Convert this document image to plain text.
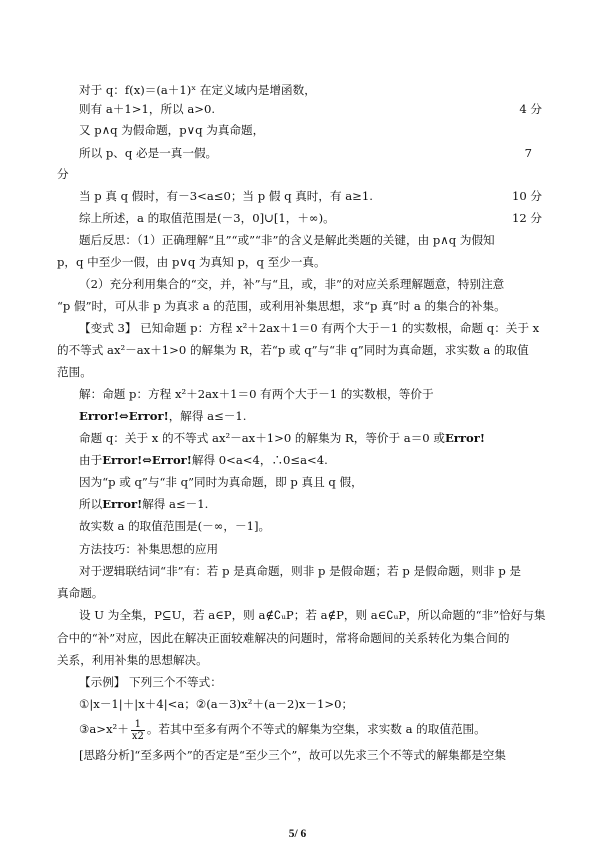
对于 q：f(x)＝(a＋1)ˣ 在定义域内是增函数，
则有 a＋1>1，所以 a>0.	4 分
又 p∧q 为假命题，p∨q 为真命题，
所以 p、q 必是一真一假。	7
分
当 p 真 q 假时，有－3<a≤0；当 p 假 q 真时，有 a≥1.	10 分
综上所述，a 的取值范围是(－3，0]∪[1，＋∞)。	12 分
题后反思：（1）正确理解“且”“或”“非”的含义是解此类题的关键，由 p∧q 为假知
p，q 中至少一假，由 p∨q 为真知 p，q 至少一真。
（2）充分利用集合的“交，并，补”与“且，或，非”的对应关系理解题意，特别注意
“p 假”时，可从非 p 为真求 a 的范围，或利用补集思想，求“p 真”时 a 的集合的补集。
【变式 3】 已知命题 p：方程 x²＋2ax＋1＝0 有两个大于－1 的实数根，命题 q：关于 x
的不等式 ax²－ax＋1>0 的解集为 R，若“p 或 q”与“非 q”同时为真命题，求实数 a 的取值
范围。
解：命题 p：方程 x²＋2ax＋1＝0 有两个大于－1 的实数根，等价于
Error!⇔Error!，解得 a≤－1.
命题 q：关于 x 的不等式 ax²－ax＋1>0 的解集为 R，等价于 a＝0 或Error!
由于Error!⇔Error!解得 0<a<4，∴0≤a<4.
因为“p 或 q”与“非 q”同时为真命题，即 p 真且 q 假，
所以Error!解得 a≤－1.
故实数 a 的取值范围是(－∞，－1]。
方法技巧：补集思想的应用
对于逻辑联结词“非”有：若 p 是真命题，则非 p 是假命题；若 p 是假命题，则非 p 是
真命题。
设 U 为全集，P⊆U，若 a∈P，则 a∉∁ᵤP；若 a∉P，则 a∈∁ᵤP，所以命题的“非”恰好与集
合中的“补”对应，因此在解决正面较难解决的问题时，常将命题间的关系转化为集合间的
关系，利用补集的思想解决。
【示例】 下列三个不等式：
①|x－1|＋|x＋4|<a；②(a－3)x²＋(a－2)x－1>0；
③a>x²＋ $\frac{1}{x2}$ 。若其中至多有两个不等式的解集为空集，求实数 a 的取值范围。
[思路分析]“至多两个”的否定是“至少三个”，故可以先求三个不等式的解集都是空集
5/ 6
